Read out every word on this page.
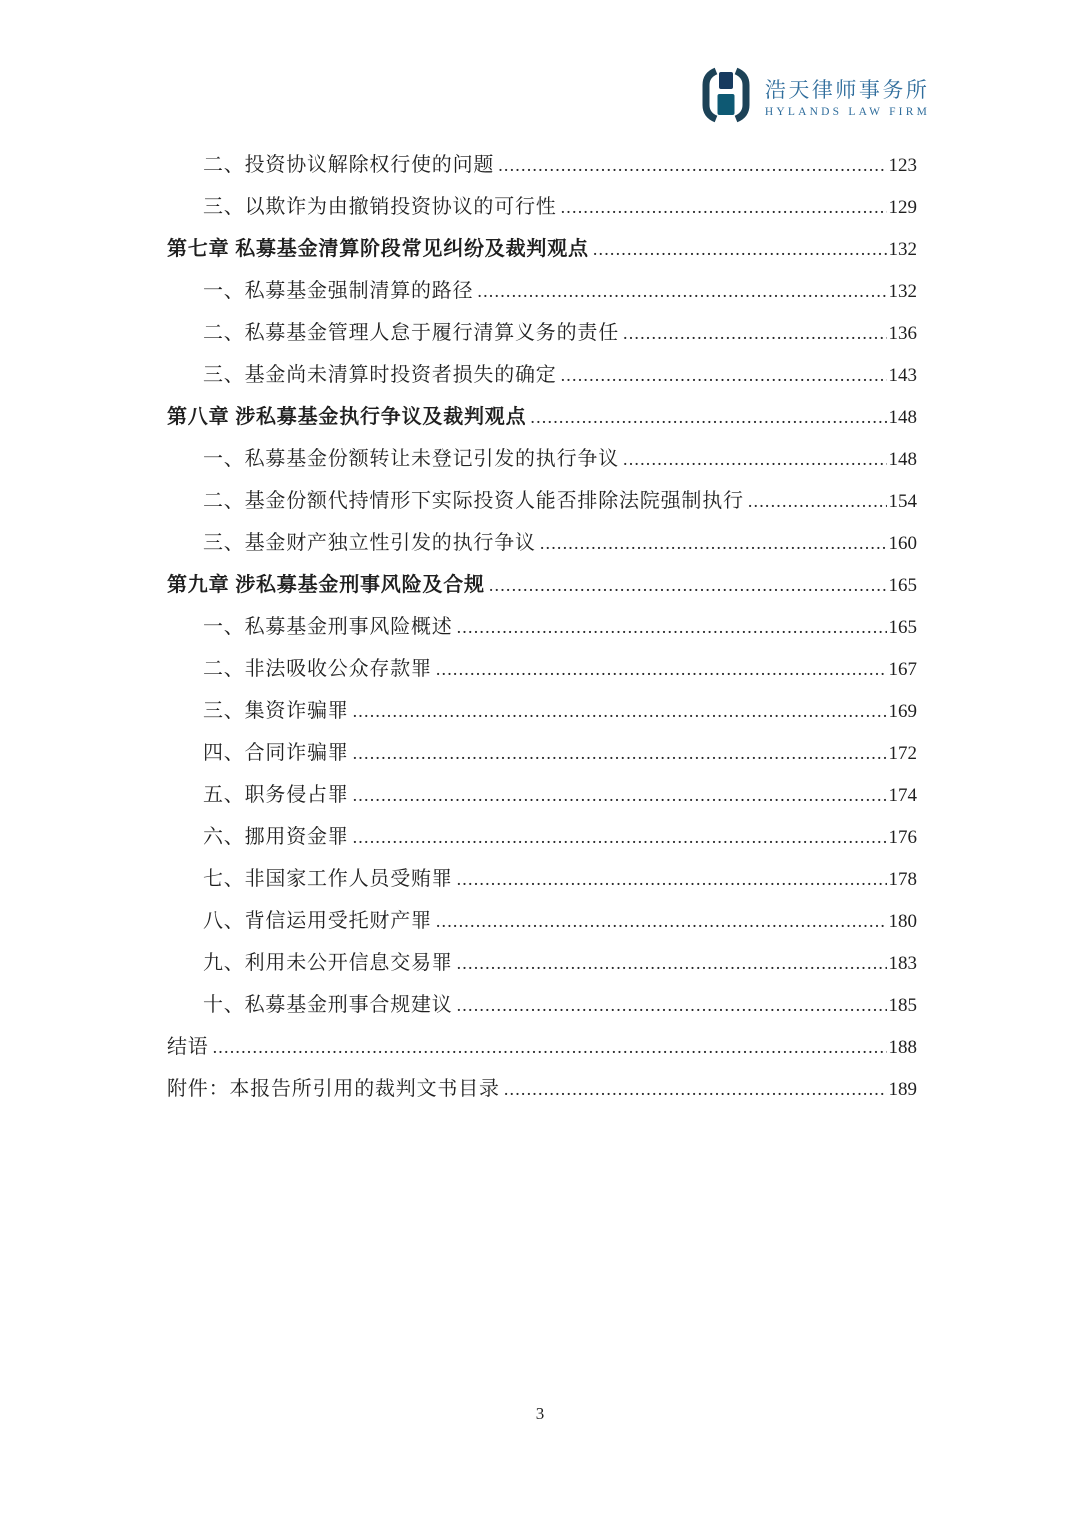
浩天律师事务所
HYLANDS LAW FIRM
二、投资协议解除权行使的问题 .....	123
三、以欺诈为由撤销投资协议的可行性 .....	129
第七章 私募基金清算阶段常见纠纷及裁判观点 .....	132
一、私募基金强制清算的路径 .....	132
二、私募基金管理人怠于履行清算义务的责任 .....	136
三、基金尚未清算时投资者损失的确定 .....	143
第八章 涉私募基金执行争议及裁判观点 .....	148
一、私募基金份额转让未登记引发的执行争议 .....	148
二、基金份额代持情形下实际投资人能否排除法院强制执行 .....	154
三、基金财产独立性引发的执行争议 .....	160
第九章 涉私募基金刑事风险及合规 .....	165
一、私募基金刑事风险概述 .....	165
二、非法吸收公众存款罪 .....	167
三、集资诈骗罪 .....	169
四、合同诈骗罪 .....	172
五、职务侵占罪 .....	174
六、挪用资金罪 .....	176
七、非国家工作人员受贿罪 .....	178
八、背信运用受托财产罪 .....	180
九、利用未公开信息交易罪 .....	183
十、私募基金刑事合规建议 .....	185
结语 .....	188
附件：本报告所引用的裁判文书目录 .....	189
3
